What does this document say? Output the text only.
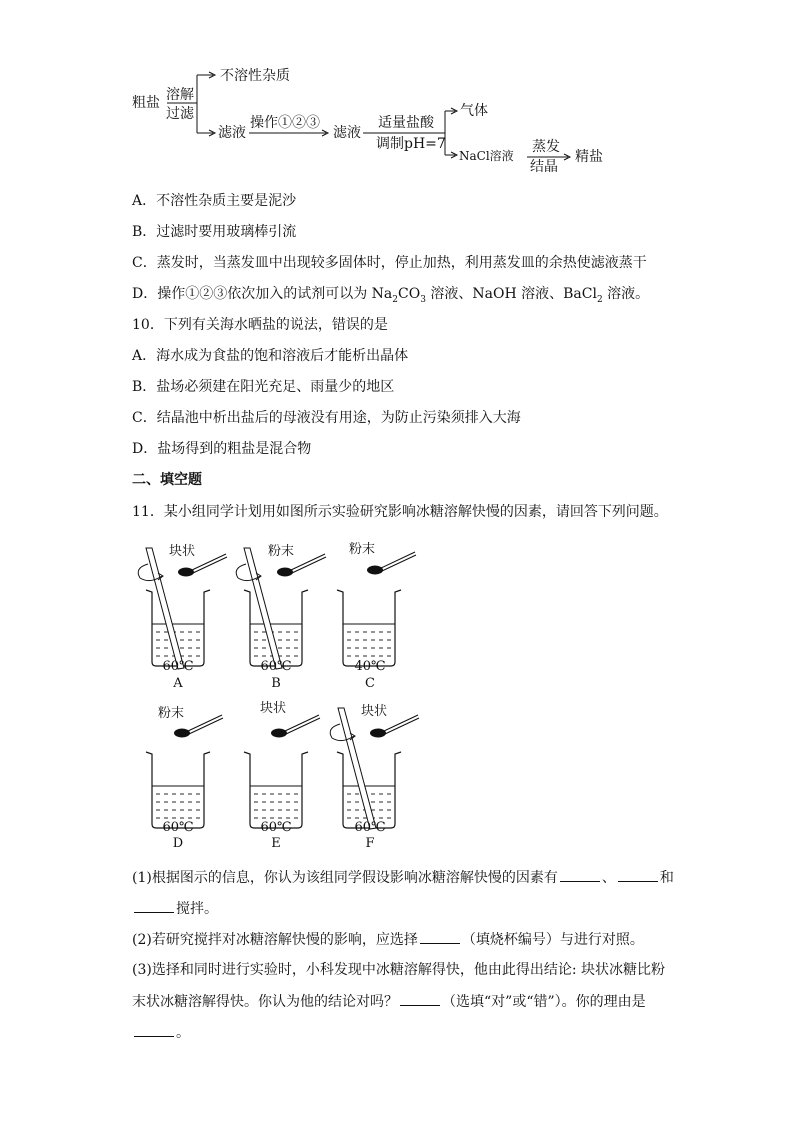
粗盐 溶解
过滤
不溶性杂质
滤液
操作①②③
滤液
适量盐酸
调制pH=7
气体
NaCl溶液
蒸发
结晶
精盐
A．不溶性杂质主要是泥沙
B．过滤时要用玻璃棒引流
C．蒸发时，当蒸发皿中出现较多固体时，停止加热，利用蒸发皿的余热使滤液蒸干
D．操作①②③依次加入的试剂可以为 $Na_2CO_3$ 溶液、NaOH 溶液、BaCl$_2$ 溶液。
10．下列有关海水晒盐的说法，错误的是
A．海水成为食盐的饱和溶液后才能析出晶体
B．盐场必须建在阳光充足、雨量少的地区
C．结晶池中析出盐后的母液没有用途，为防止污染须排入大海
D．盐场得到的粗盐是混合物
二、填空题
11．某小组同学计划用如图所示实验研究影响冰糖溶解快慢的因素，请回答下列问题。
块状	粉末	粉末
粉末	块状	块状
60℃
A
60℃
B
40℃
C
60℃
D
60℃
E
60℃
F
(1)根据图示的信息，你认为该组同学假设影响冰糖溶解快慢的因素有	、	和
搅拌。
(2)若研究搅拌对冰糖溶解快慢的影响，应选择	（填烧杯编号）与进行对照。
(3)选择和同时进行实验时，小科发现中冰糖溶解得快，他由此得出结论: 块状冰糖比粉
末状冰糖溶解得快。你认为他的结论对吗？	（选填“对”或“错”）。你的理由是
。
